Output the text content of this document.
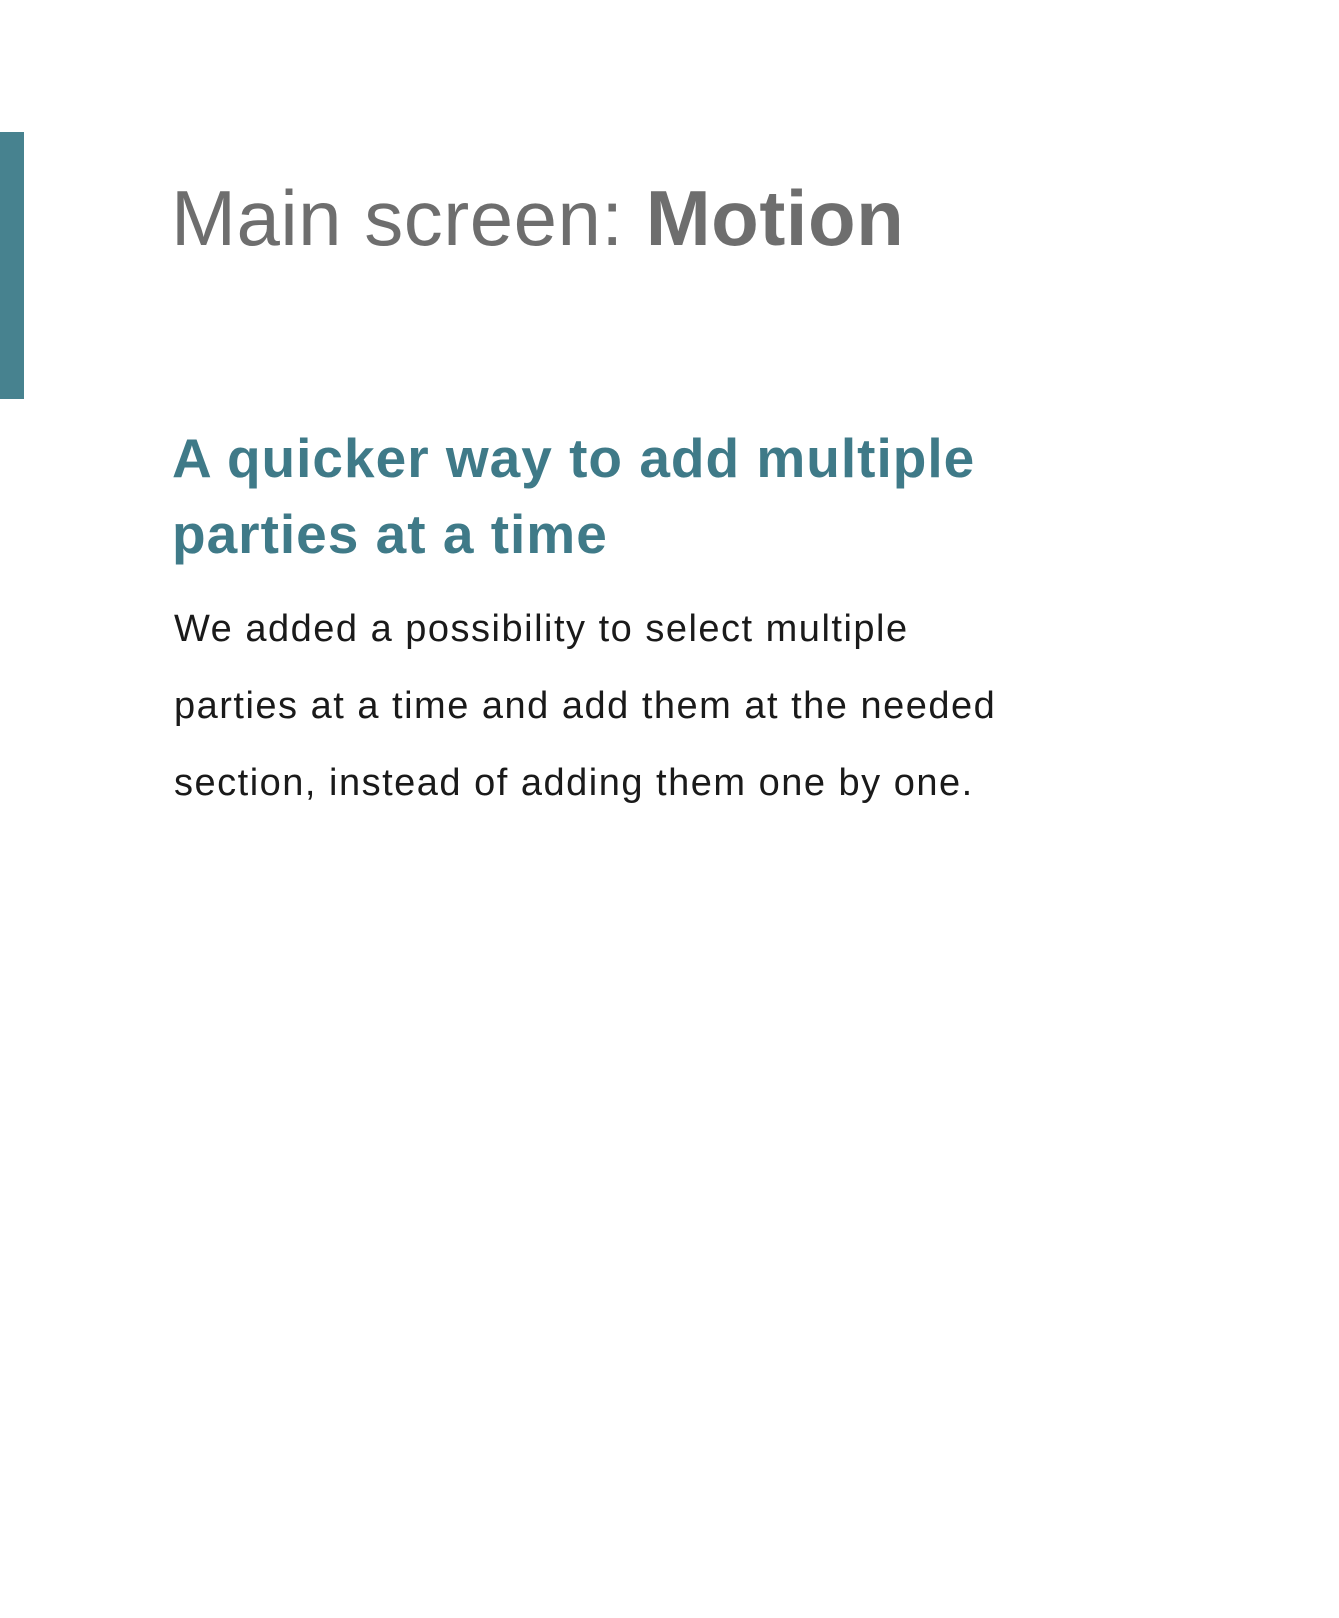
Main screen: Motion
A quicker way to add multiple
parties at a time

We added a possibility to select multiple
parties at a time and add them at the needed
section, instead of adding them one by one.
